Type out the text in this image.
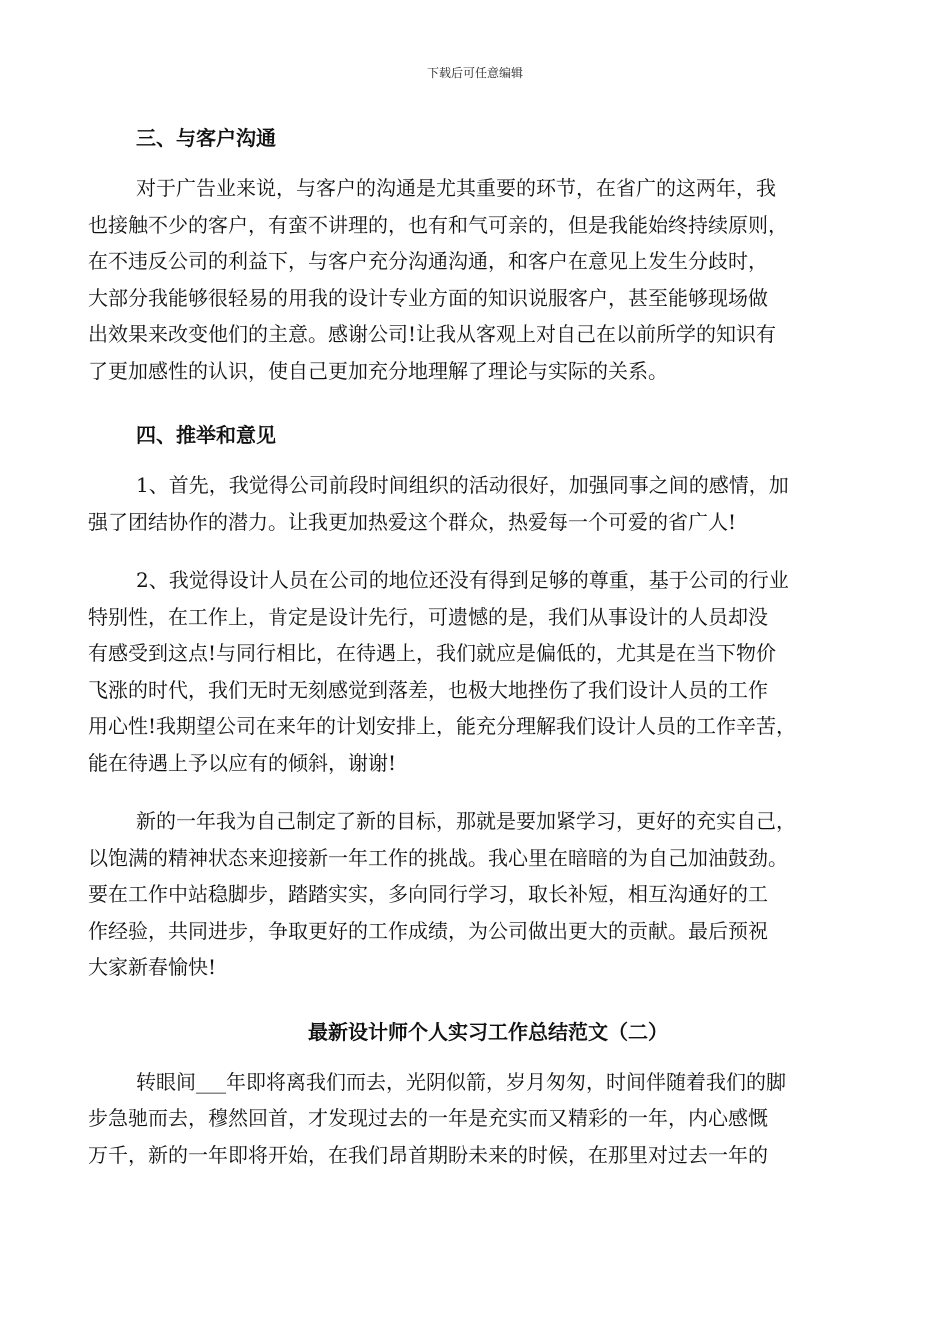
下载后可任意编辑
三、与客户沟通
对于广告业来说，与客户的沟通是尤其重要的环节，在省广的这两年，我
也接触不少的客户，有蛮不讲理的，也有和气可亲的，但是我能始终持续原则，
在不违反公司的利益下，与客户充分沟通沟通，和客户在意见上发生分歧时，
大部分我能够很轻易的用我的设计专业方面的知识说服客户，甚至能够现场做
出效果来改变他们的主意。感谢公司!让我从客观上对自己在以前所学的知识有
了更加感性的认识，使自己更加充分地理解了理论与实际的关系。
四、推举和意见
1、首先，我觉得公司前段时间组织的活动很好，加强同事之间的感情，加
强了团结协作的潜力。让我更加热爱这个群众，热爱每一个可爱的省广人!
2、我觉得设计人员在公司的地位还没有得到足够的尊重，基于公司的行业
特别性，在工作上，肯定是设计先行，可遗憾的是，我们从事设计的人员却没
有感受到这点!与同行相比，在待遇上，我们就应是偏低的，尤其是在当下物价
飞涨的时代，我们无时无刻感觉到落差，也极大地挫伤了我们设计人员的工作
用心性!我期望公司在来年的计划安排上，能充分理解我们设计人员的工作辛苦，
能在待遇上予以应有的倾斜，谢谢!
新的一年我为自己制定了新的目标，那就是要加紧学习，更好的充实自己，
以饱满的精神状态来迎接新一年工作的挑战。我心里在暗暗的为自己加油鼓劲。
要在工作中站稳脚步，踏踏实实，多向同行学习，取长补短，相互沟通好的工
作经验，共同进步，争取更好的工作成绩，为公司做出更大的贡献。最后预祝
大家新春愉快!
最新设计师个人实习工作总结范文（二）
转眼间___年即将离我们而去，光阴似箭，岁月匆匆，时间伴随着我们的脚
步急驰而去，穆然回首，才发现过去的一年是充实而又精彩的一年，内心感慨
万千，新的一年即将开始，在我们昂首期盼未来的时候，在那里对过去一年的
